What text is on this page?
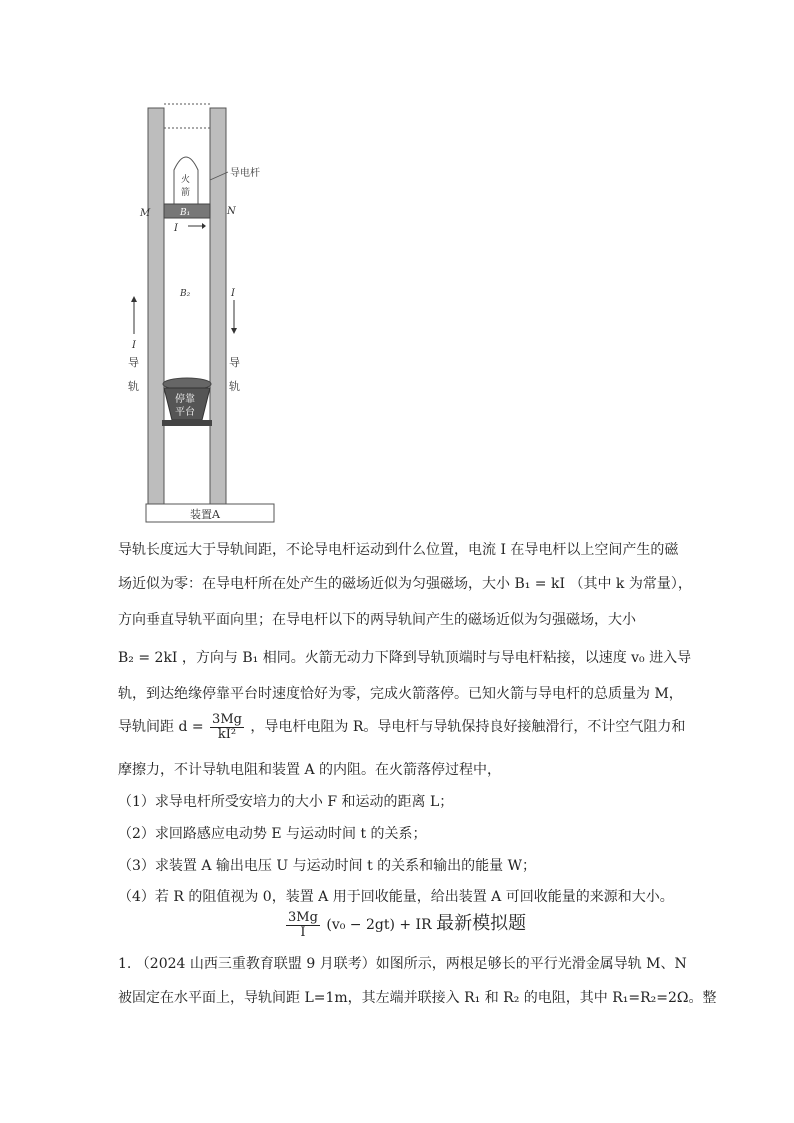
导电杆
火
箭
M	N
B₁
I
B₂
I
I
导
轨
导
轨
停靠
平台
装置A
导轨长度远大于导轨间距，不论导电杆运动到什么位置，电流 I 在导电杆以上空间产生的磁
场近似为零：在导电杆所在处产生的磁场近似为匀强磁场，大小 B₁ = kI （其中 k 为常量），
方向垂直导轨平面向里；在导电杆以下的两导轨间产生的磁场近似为匀强磁场，大小
B₂ = 2kI ，方向与 B₁ 相同。火箭无动力下降到导轨顶端时与导电杆粘接，以速度 v₀ 进入导
轨，到达绝缘停靠平台时速度恰好为零，完成火箭落停。已知火箭与导电杆的总质量为 M，
导轨间距 $d = \frac{3Mg}{\text{kI²}}$ ，导电杆电阻为 R。导电杆与导轨保持良好接触滑行，不计空气阻力和
摩擦力，不计导轨电阻和装置 A 的内阻。在火箭落停过程中，
（1）求导电杆所受安培力的大小 F 和运动的距离 L；
（2）求回路感应电动势 E 与运动时间 t 的关系；
（3）求装置 A 输出电压 U 与运动时间 t 的关系和输出的能量 W；
（4）若 R 的阻值视为 0，装置 A 用于回收能量，给出装置 A 可回收能量的来源和大小。
$\frac{3Mg}{I} (v_0 - 2gt)$ + IR 最新模拟题
1. （2024 山西三重教育联盟 9 月联考）如图所示，两根足够长的平行光滑金属导轨 M、N
被固定在水平面上，导轨间距 L=1m，其左端并联接入 R₁ 和 R₂ 的电阻，其中 R₁=R₂=2Ω。整
